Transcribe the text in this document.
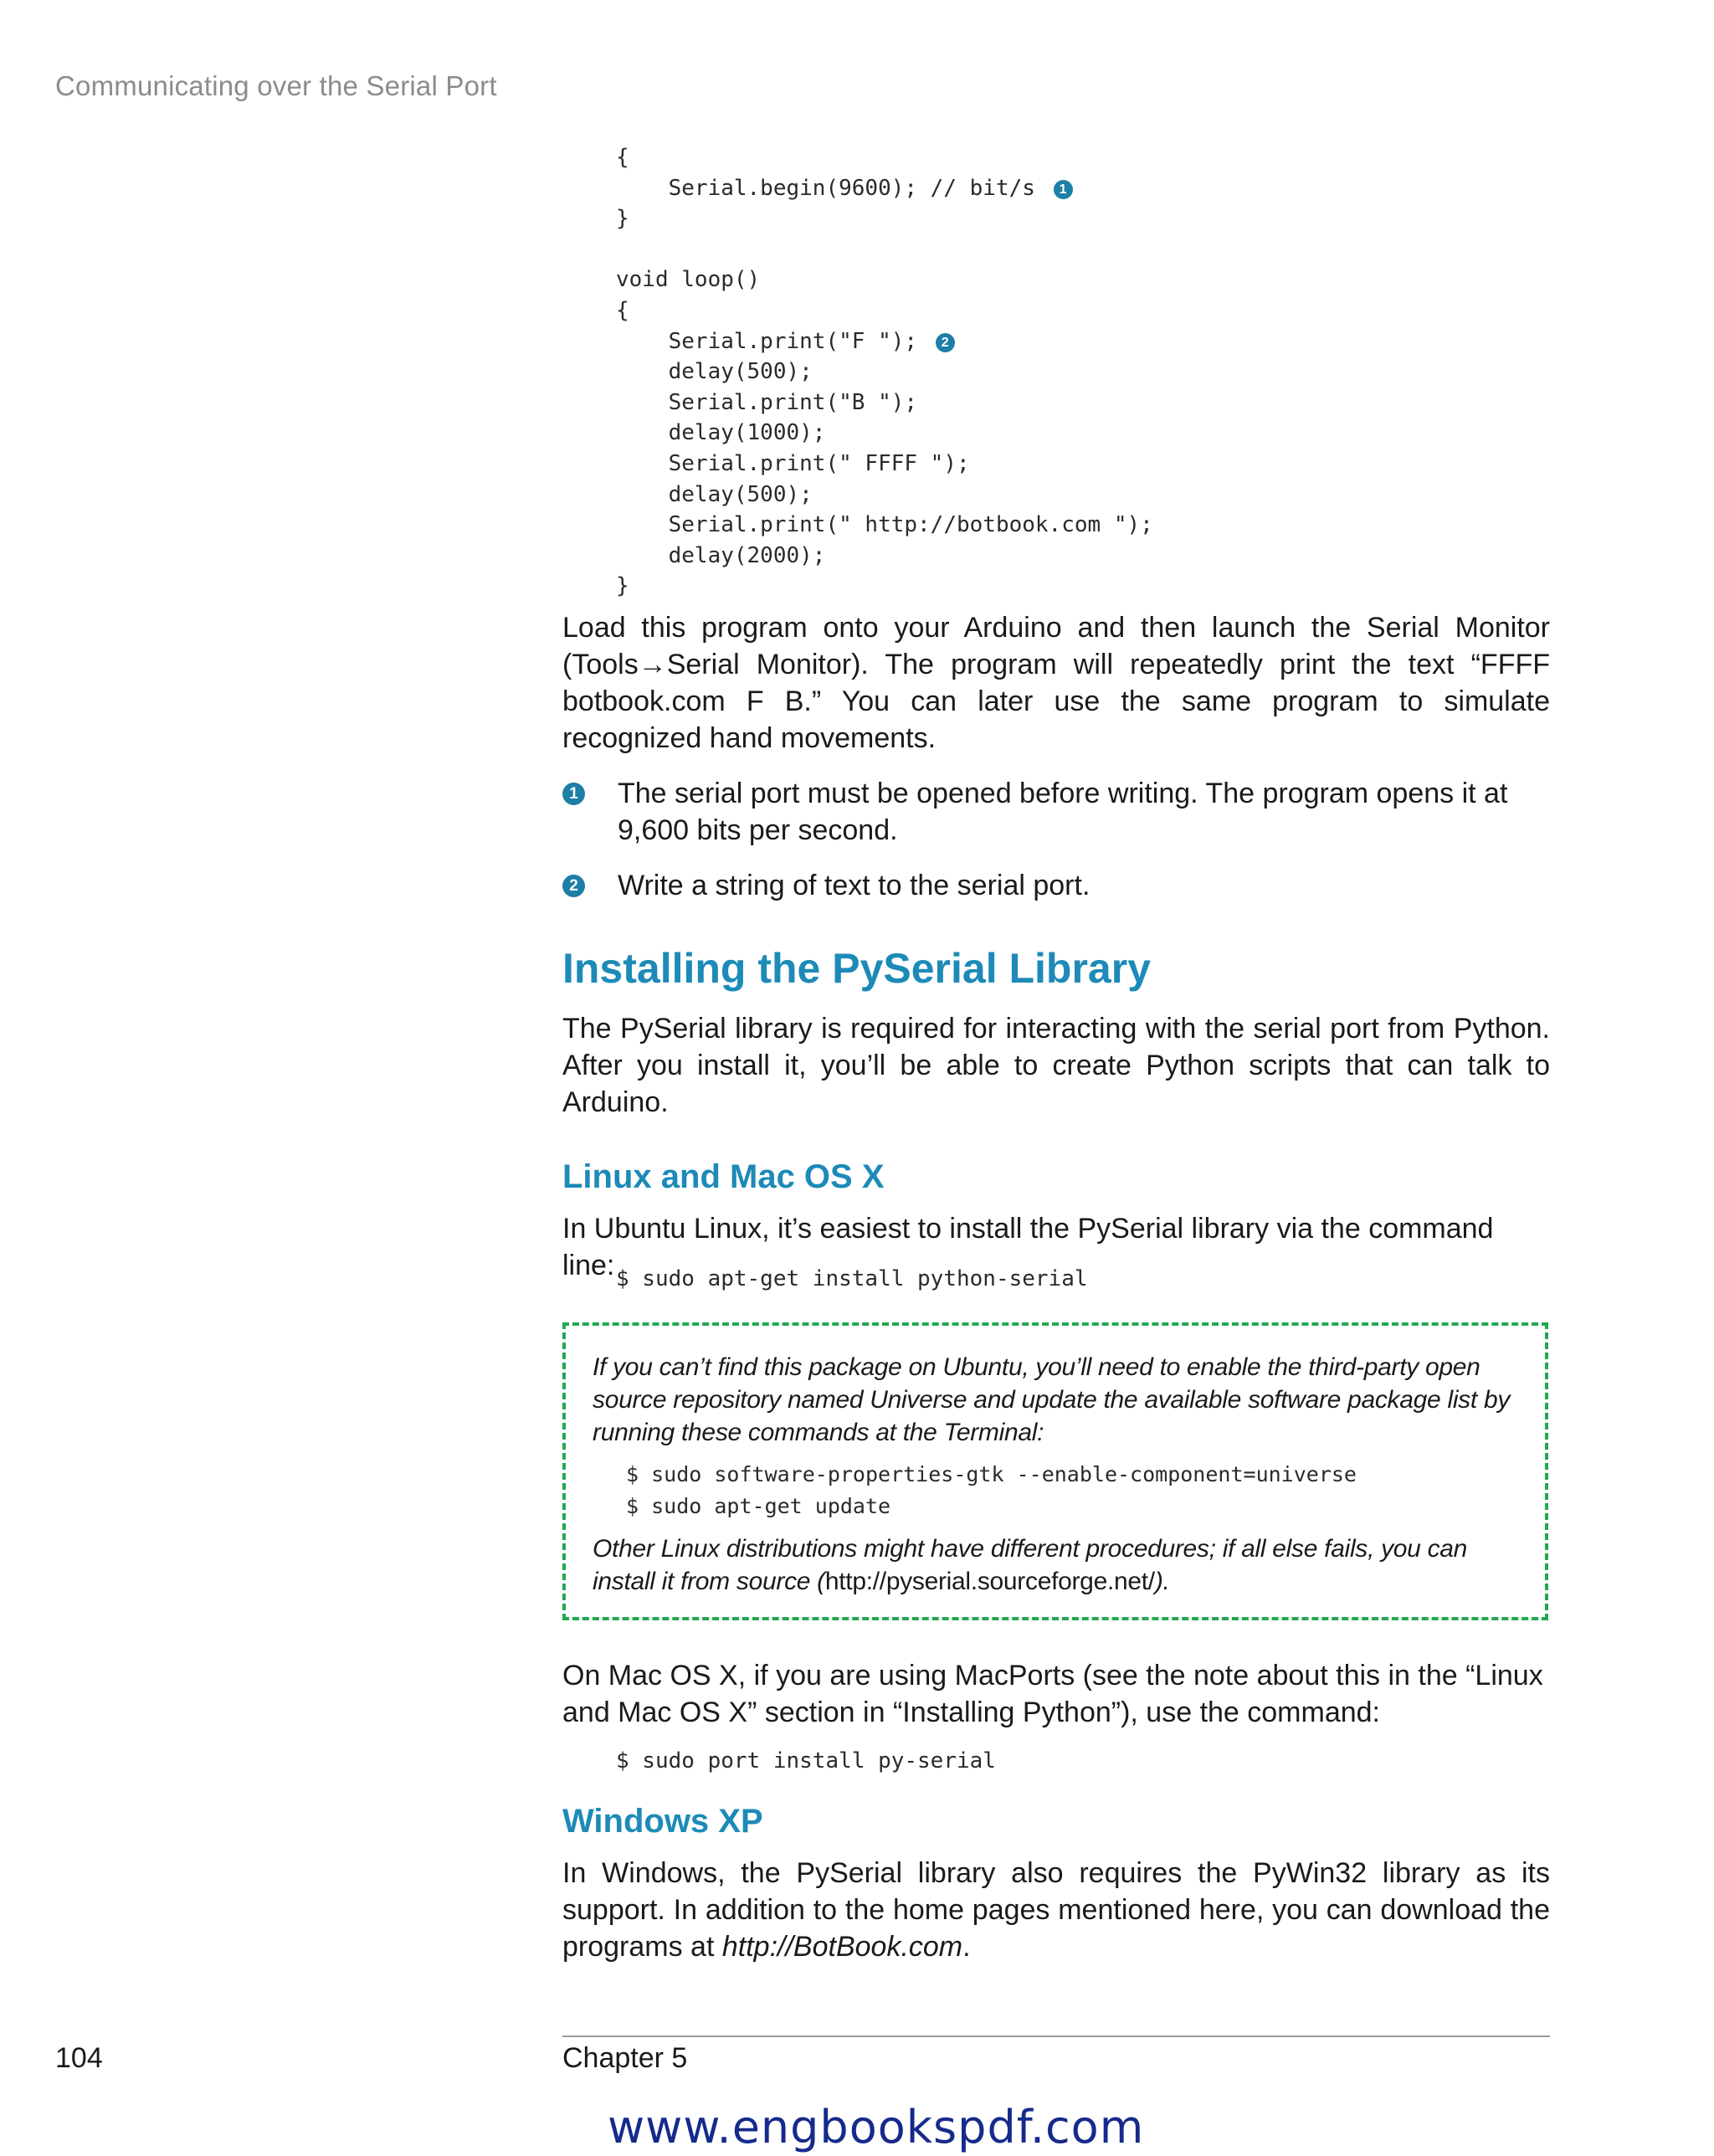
Communicating over the Serial Port
{
Serial.begin(9600); // bit/s 1
}

void loop()
{
Serial.print("F "); 2
delay(500);
Serial.print("B ");
delay(1000);
Serial.print(" FFFF ");
delay(500);
Serial.print(" http://botbook.com ");
delay(2000);
}

Load this program onto your Arduino and then launch the Serial Monitor (Tools→Serial Monitor). The program will repeatedly print the text “FFFF botbook.com F B.” You can later use the same program to simulate recognized hand movements.

1 The serial port must be opened before writing. The program opens it at 9,600 bits per second.

2 Write a string of text to the serial port.

Installing the PySerial Library

The PySerial library is required for interacting with the serial port from Python. After you install it, you’ll be able to create Python scripts that can talk to Arduino.

Linux and Mac OS X

In Ubuntu Linux, it’s easiest to install the PySerial library via the command line: $ sudo apt-get install python-serial

If you can’t find this package on Ubuntu, you’ll need to enable the third-party open source repository named Universe and update the available software package list by running these commands at the Terminal:

$ sudo software-properties-gtk --enable-component=universe
$ sudo apt-get update

Other Linux distributions might have different procedures; if all else fails, you can install it from source (http://pyserial.sourceforge.net/).

On Mac OS X, if you are using MacPorts (see the note about this in the “Linux and Mac OS X” section in “Installing Python”), use the command:

$ sudo port install py-serial
Windows XP

In Windows, the PySerial library also requires the PyWin32 library as its support. In addition to the home pages mentioned here, you can download the programs at http://BotBook.com.

104	Chapter 5
www.engbookspdf.com
